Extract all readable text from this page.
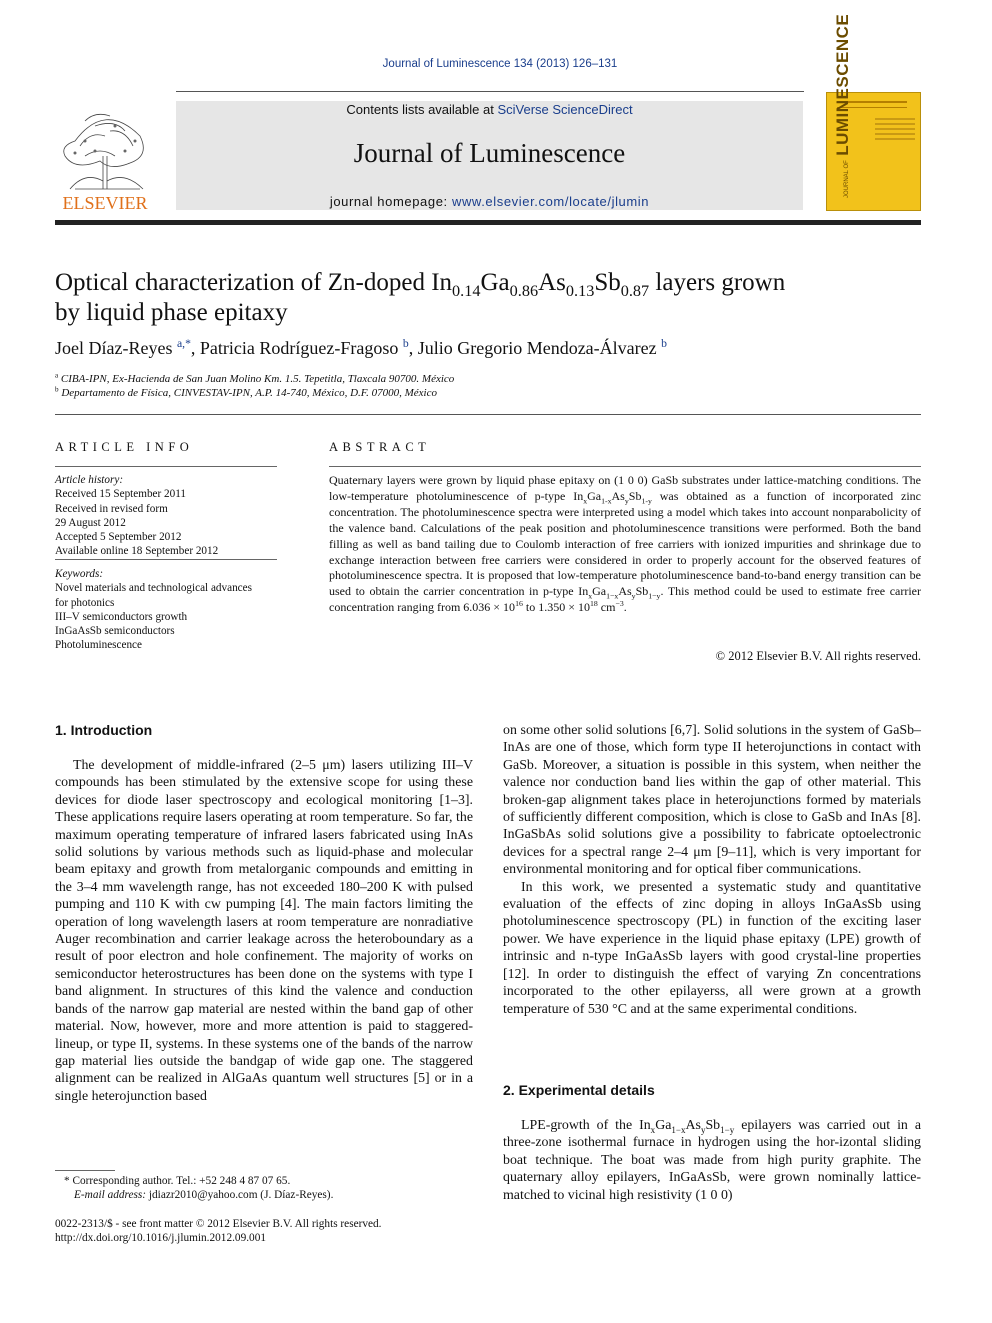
Journal of Luminescence 134 (2013) 126–131
ELSEVIER
Contents lists available at SciVerse ScienceDirect
Journal of Luminescence
journal homepage: www.elsevier.com/locate/jlumin
JOURNAL OF LUMINESCENCE
Optical characterization of Zn-doped $In_{0.14}Ga_{0.86}As_{0.13}Sb_{0.87}$ layers grown
by liquid phase epitaxy
Joel Díaz-Reyes $^{a,*}$, Patricia Rodríguez-Fragoso $^b$, Julio Gregorio Mendoza-Álvarez $^b$
$^a$ CIBA-IPN, Ex-Hacienda de San Juan Molino Km. 1.5. Tepetitla, Tlaxcala 90700. México
$^b$ Departamento de Física, CINVESTAV-IPN, A.P. 14-740, México, D.F. 07000, México
ARTICLE INFO
Article history:
Received 15 September 2011
Received in revised form
29 August 2012
Accepted 5 September 2012
Available online 18 September 2012
Keywords:
Novel materials and technological advances
for photonics
III–V semiconductors growth
InGaAsSb semiconductors
Photoluminescence
ABSTRACT
Quaternary layers were grown by liquid phase epitaxy on (1 0 0) GaSb substrates under lattice-matching conditions. The low-temperature photoluminescence of p-type $In_xGa_{1-x}As_ySb_{1-y}$ was obtained as a function of incorporated zinc concentration. The photoluminescence spectra were interpreted using a model which takes into account nonparabolicity of the valence band. Calculations of the peak position and photoluminescence transitions were performed. Both the band filling as well as band tailing due to Coulomb interaction of free carriers with ionized impurities and shrinkage due to exchange interaction between free carriers were considered in order to properly account for the observed features of photoluminescence spectra. It is proposed that low-temperature photoluminescence band-to-band energy transition can be used to obtain the carrier concentration in p-type $In_xGa_{1-x}As_ySb_{1-y}$. This method could be used to estimate free carrier concentration ranging from $6.036 \times 10^{16}$ to $1.350 \times 10^{18}$ $cm^{-3}$.
© 2012 Elsevier B.V. All rights reserved.
1. Introduction

The development of middle-infrared (2–5 μm) lasers utilizing III–V compounds has been stimulated by the extensive scope for using these devices for diode laser spectroscopy and ecological monitoring [1–3]. These applications require lasers operating at room temperature. So far, the maximum operating temperature of infrared lasers fabricated using InAs solid solutions by various methods such as liquid-phase and molecular beam epitaxy and growth from metalorganic compounds and emitting in the 3–4 mm wavelength range, has not exceeded 180–200 K with pulsed pumping and 110 K with cw pumping [4]. The main factors limiting the operation of long wavelength lasers at room temperature are nonradiative Auger recombination and carrier leakage across the heteroboundary as a result of poor electron and hole confinement. The majority of works on semiconductor heterostructures has been done on the systems with type I band alignment. In structures of this kind the valence and conduction bands of the narrow gap material are nested within the band gap of other material. Now, however, more and more attention is paid to staggered-lineup, or type II, systems. In these systems one of the bands of the narrow gap material lies outside the bandgap of wide gap one. The staggered alignment can be realized in AlGaAs quantum well structures [5] or in a single heterojunction based

* Corresponding author. Tel.: +52 248 4 87 07 65.
E-mail address: jdiazr2010@yahoo.com (J. Díaz-Reyes).
0022-2313/$ - see front matter © 2012 Elsevier B.V. All rights reserved.
http://dx.doi.org/10.1016/j.jlumin.2012.09.001

on some other solid solutions [6,7]. Solid solutions in the system of GaSb–InAs are one of those, which form type II heterojunctions in contact with GaSb. Moreover, a situation is possible in this system, when neither the valence nor conduction band lies within the gap of other material. This broken-gap alignment takes place in heterojunctions formed by materials of sufficiently different composition, which is close to GaSb and InAs [8]. InGaSbAs solid solutions give a possibility to fabricate optoelectronic devices for a spectral range 2–4 μm [9–11], which is very important for environmental monitoring and for optical fiber communications.

In this work, we presented a systematic study and quantitative evaluation of the effects of zinc doping in alloys InGaAsSb using photoluminescence spectroscopy (PL) in function of the exciting laser power. We have experience in the liquid phase epitaxy (LPE) growth of intrinsic and n-type InGaAsSb layers with good crystal-line properties [12]. In order to distinguish the effect of varying Zn concentrations incorporated to the other epilayerss, all were grown at a growth temperature of 530 °C and at the same experimental conditions.

2. Experimental details

LPE-growth of the $In_xGa_{1-x}As_ySb_{1-y}$ epilayers was carried out in a three-zone isothermal furnace in hydrogen using the hor-izontal sliding boat technique. The boat was made from high purity graphite. The quaternary alloy epilayers, InGaAsSb, were grown nominally lattice-matched to vicinal high resistivity (1 0 0)
